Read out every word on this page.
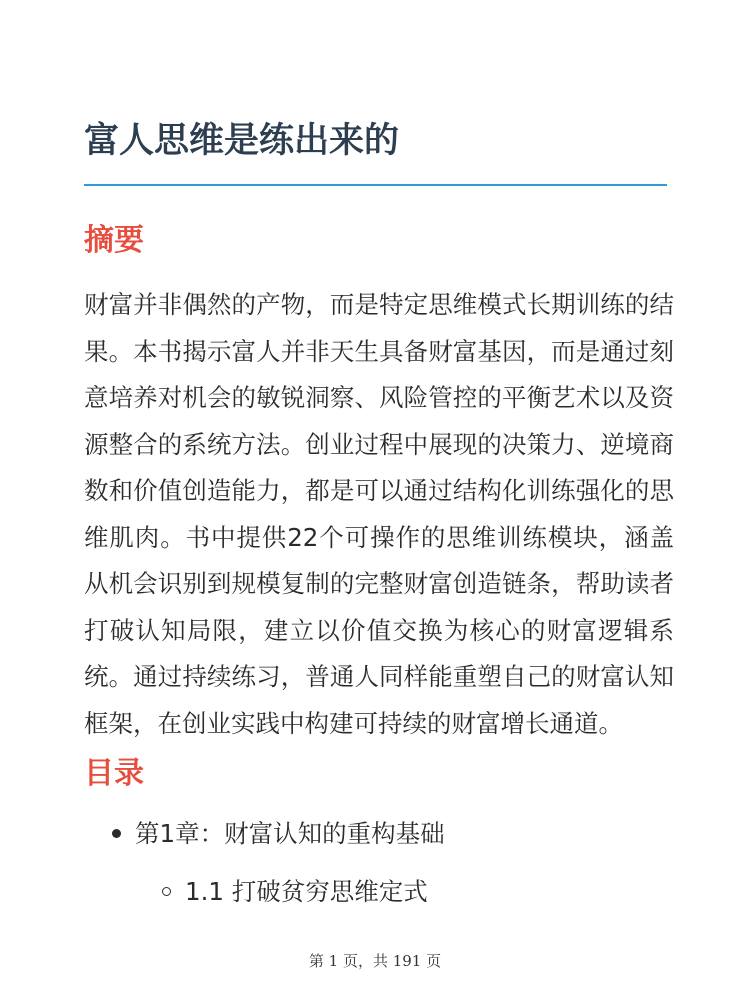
富人思维是练出来的
摘要

财富并非偶然的产物，而是特定思维模式长期训练的结果。本书揭示富人并非天生具备财富基因，而是通过刻意培养对机会的敏锐洞察、风险管控的平衡艺术以及资源整合的系统方法。创业过程中展现的决策力、逆境商数和价值创造能力，都是可以通过结构化训练强化的思维肌肉。书中提供22个可操作的思维训练模块，涵盖从机会识别到规模复制的完整财富创造链条，帮助读者打破认知局限，建立以价值交换为核心的财富逻辑系统。通过持续练习，普通人同样能重塑自己的财富认知框架，在创业实践中构建可持续的财富增长通道。

目录
第1章：财富认知的重构基础
1.1 打破贫穷思维定式
第 1 页，共 191 页
